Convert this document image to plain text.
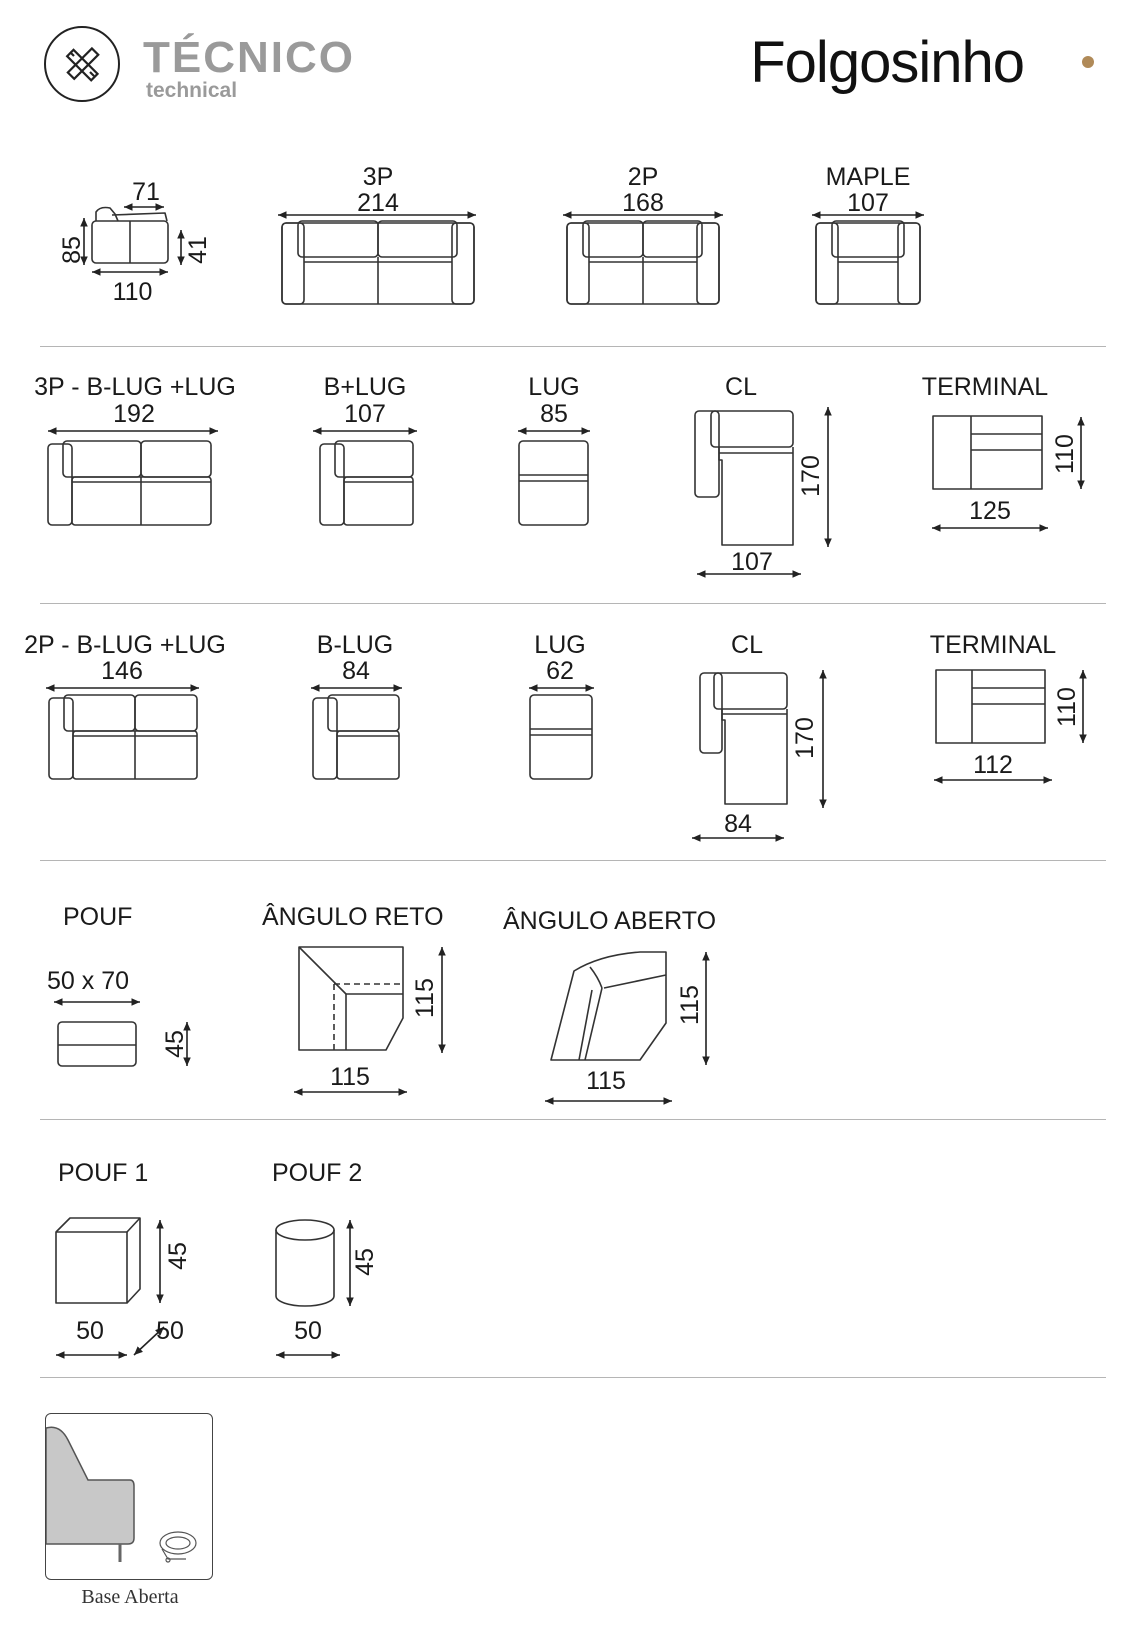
TÉCNICO
technical	Folgosinho
Base Aberta
71
85	41
110
3P
214
2P
168
MAPLE
107
3P - B-LUG +LUG
192
B+LUG
107
LUG
85
CL
170
107
TERMINAL
110
125
2P - B-LUG +LUG
146
B-LUG
84
LUG
62
CL
170
84
TERMINAL
110
112
POUF
50 x 70
45
ÂNGULO RETO
115
115
ÂNGULO ABERTO
115
115
POUF 1
45
50 50
POUF 2
45
50
